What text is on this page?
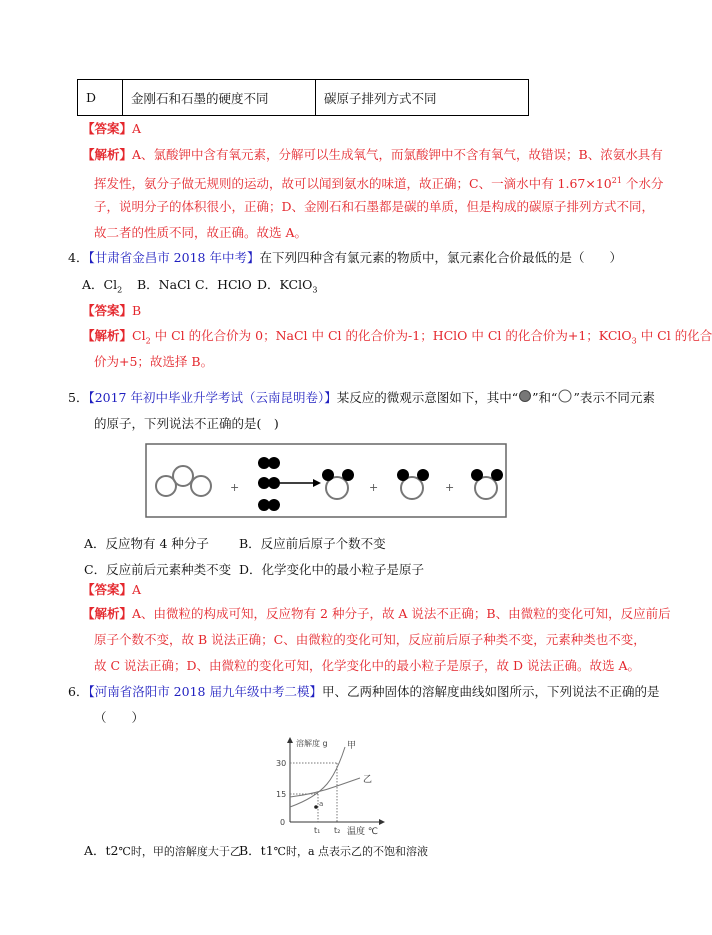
D	金刚石和石墨的硬度不同	碳原子排列方式不同
【答案】A
【解析】A、氯酸钾中含有氧元素，分解可以生成氧气，而氯酸钾中不含有氧气，故错误；B、浓氨水具有
挥发性，氨分子做无规则的运动，故可以闻到氨水的味道，故正确；C、一滴水中有 $1.67\times 10^{21}$ 个水分
子，说明分子的体积很小，正确；D、金刚石和石墨都是碳的单质，但是构成的碳原子排列方式不同，
故二者的性质不同，故正确。故选 A。
4．【甘肃省金昌市 2018 年中考】在下列四种含有氯元素的物质中，氯元素化合价最低的是（　　）
A．$Cl_2$ B．NaCl C．HClO D．KClO$_3$
【答案】B
【解析】$Cl_2$ 中 Cl 的化合价为 0；NaCl 中 Cl 的化合价为-1；HClO 中 Cl 的化合价为+1；KClO$_3$ 中 Cl 的化合
价为+5；故选择 B。
5．【2017 年初中毕业升学考试（云南昆明卷）】某反应的微观示意图如下，其中“ ”和“ ”表示不同元素
的原子，下列说法不正确的是(　)
+	+	+
A．反应物有 4 种分子 B．反应前后原子个数不变
C．反应前后元素种类不变 D．化学变化中的最小粒子是原子
【答案】A
【解析】A、由微粒的构成可知，反应物有 2 种分子，故 A 说法不正确；B、由微粒的变化可知，反应前后
原子个数不变，故 B 说法正确；C、由微粒的变化可知，反应前后原子种类不变，元素种类也不变，
故 C 说法正确；D、由微粒的变化可知，化学变化中的最小粒子是原子，故 D 说法正确。故选 A。
6．【河南省洛阳市 2018 届九年级中考二模】甲、乙两种固体的溶解度曲线如图所示，下列说法不正确的是
（　　）
溶解度 g
温度 ℃
30
15
0
t₁ t₂
甲
乙
a
A．t2℃时，甲的溶解度大于乙B．t1℃时，a 点表示乙的不饱和溶液
